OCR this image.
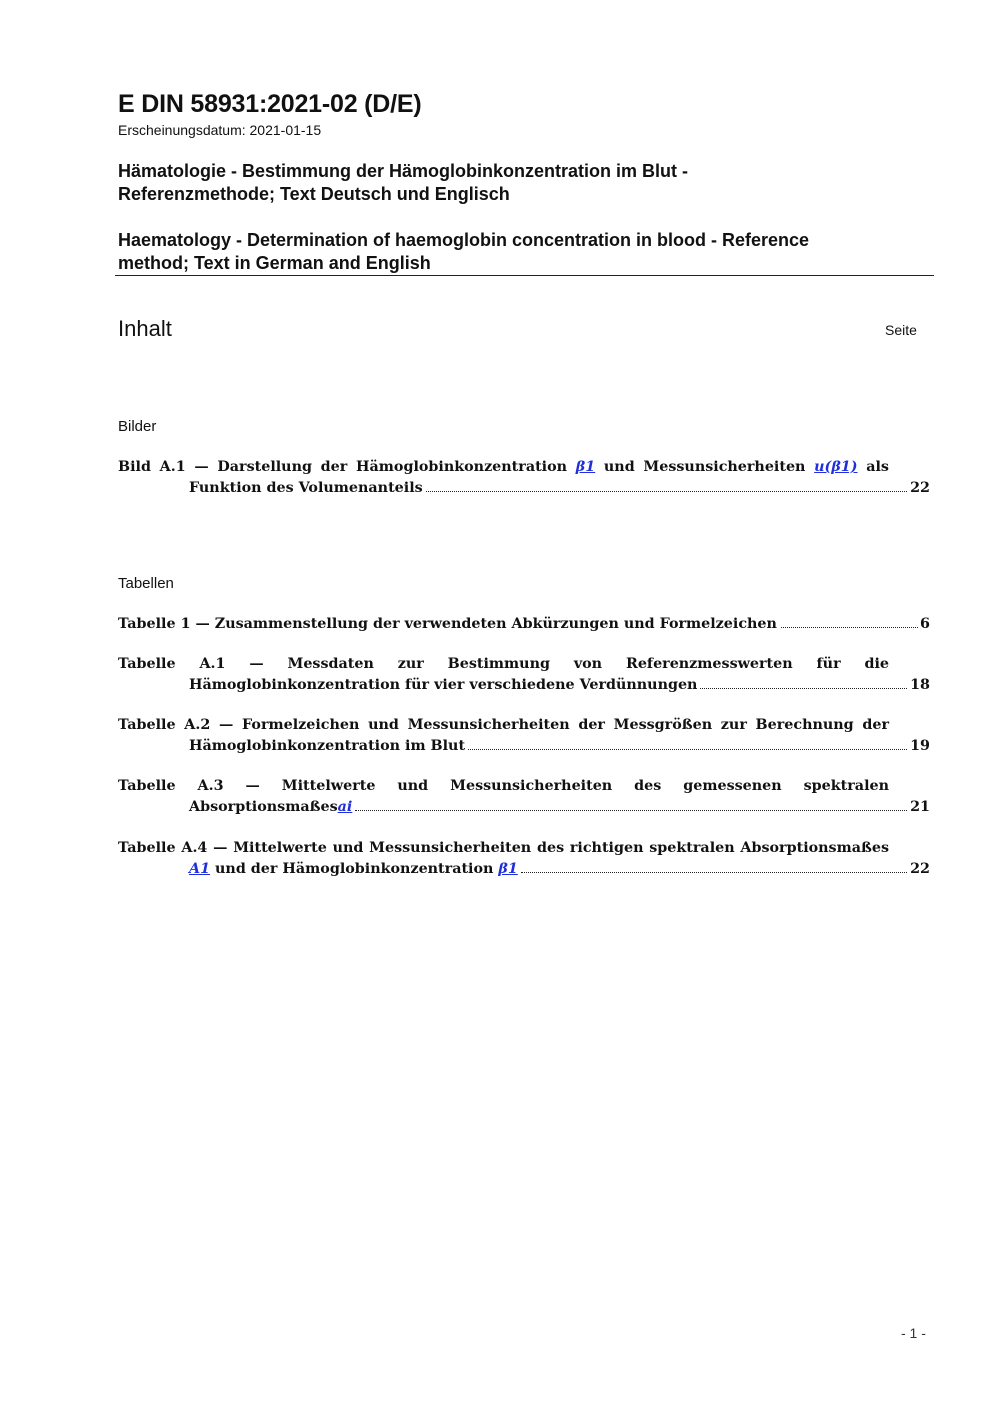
E DIN 58931:2021-02 (D/E)
Erscheinungsdatum: 2021-01-15
Hämatologie - Bestimmung der Hämoglobinkonzentration im Blut -
Referenzmethode; Text Deutsch und Englisch
Haematology - Determination of haemoglobin concentration in blood - Reference
method; Text in German and English
Inhalt	Seite
Bilder
Bild A.1 — Darstellung der Hämoglobinkonzentration β1 und Messunsicherheiten u(β1) als
Funktion des Volumenanteils	22
Tabellen
Tabelle 1 — Zusammenstellung der verwendeten Abkürzungen und Formelzeichen	6
Tabelle A.1 — Messdaten zur Bestimmung von Referenzmesswerten für die
Hämoglobinkonzentration für vier verschiedene Verdünnungen	18
Tabelle A.2 — Formelzeichen und Messunsicherheiten der Messgrößen zur Berechnung der
Hämoglobinkonzentration im Blut	19
Tabelle A.3 — Mittelwerte und Messunsicherheiten des gemessenen spektralen
Absorptionsmaßes ai	21
Tabelle A.4 — Mittelwerte und Messunsicherheiten des richtigen spektralen Absorptionsmaßes
A1 und der Hämoglobinkonzentration β1	22
- 1 -
